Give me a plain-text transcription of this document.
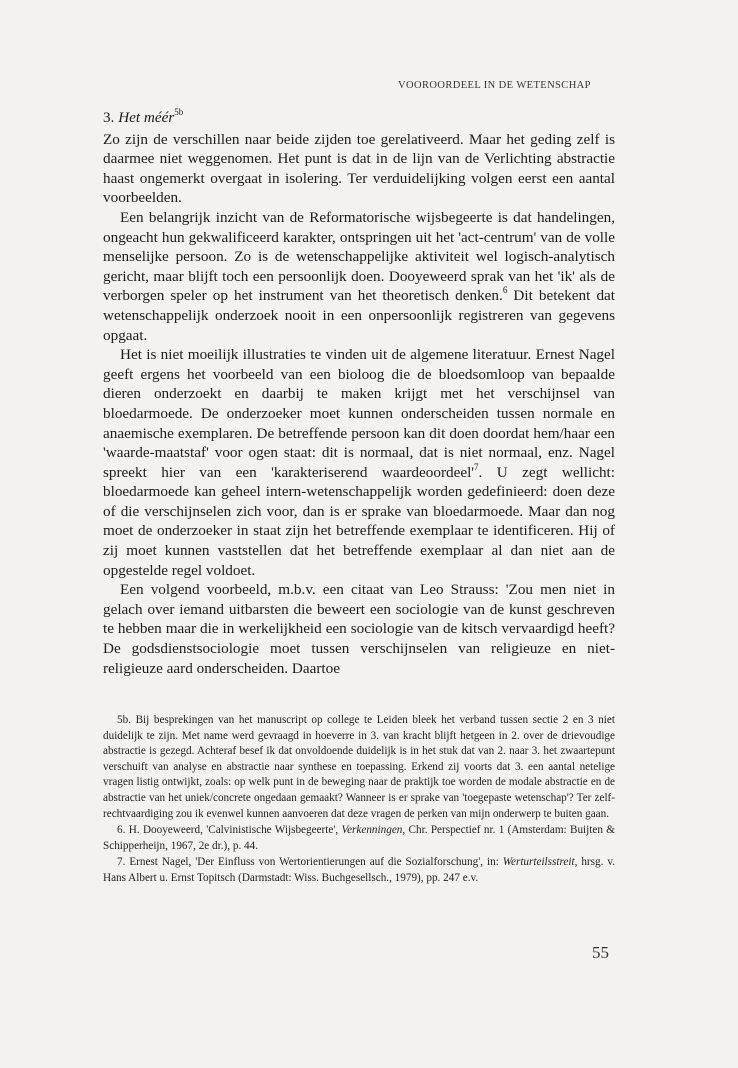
VOOROORDEEL IN DE WETENSCHAP
3. Het méér$^{5b}$

Zo zijn de verschillen naar beide zijden toe gerelativeerd. Maar het geding zelf is daarmee niet weggenomen. Het punt is dat in de lijn van de Verlichting abstractie haast ongemerkt overgaat in isolering. Ter verduidelijking volgen eerst een aantal voorbeelden.

Een belangrijk inzicht van de Reformatorische wijsbegeerte is dat handelingen, ongeacht hun gekwalificeerd karakter, ontspringen uit het 'act-centrum' van de volle menselijke persoon. Zo is de wetenschappelijke aktiviteit wel logisch-analytisch gericht, maar blijft toch een persoonlijk doen. Dooyeweerd sprak van het 'ik' als de verborgen speler op het instrument van het theoretisch denken.$^6$ Dit betekent dat wetenschappelijk onderzoek nooit in een onpersoonlijk registreren van gegevens opgaat.

Het is niet moeilijk illustraties te vinden uit de algemene literatuur. Ernest Nagel geeft ergens het voorbeeld van een bioloog die de bloedsomloop van bepaalde dieren onderzoekt en daarbij te maken krijgt met het verschijnsel van bloedarmoede. De onderzoeker moet kunnen onderscheiden tussen normale en anaemische exemplaren. De betreffende persoon kan dit doen doordat hem/haar een 'waarde-maatstaf' voor ogen staat: dit is normaal, dat is niet normaal, enz. Nagel spreekt hier van een 'karakteriserend $waardeoordeel'^7$. U zegt wellicht: bloedarmoede kan geheel intern-wetenschappelijk worden gedefinieerd: doen deze of die verschijnselen zich voor, dan is er sprake van bloedarmoede. Maar dan nog moet de onderzoeker in staat zijn het betreffende exemplaar te identificeren. Hij of zij moet kunnen vaststellen dat het betreffende exemplaar al dan niet aan de opgestelde regel voldoet.

Een volgend voorbeeld, m.b.v. een citaat van Leo Strauss: 'Zou men niet in gelach over iemand uitbarsten die beweert een sociologie van de kunst geschreven te hebben maar die in werkelijkheid een sociologie van de kitsch vervaardigd heeft? De godsdienstsociologie moet tussen verschijnselen van religieuze en niet-religieuze aard onderscheiden. Daartoe

5b. Bij besprekingen van het manuscript op college te Leiden bleek het verband tussen sectie 2 en 3 niet duidelijk te zijn. Met name werd gevraagd in hoeverre in 3. van kracht blijft hetgeen in 2. over de drievoudige abstractie is gezegd. Achteraf besef ik dat onvoldoende duidelijk is in het stuk dat van 2. naar 3. het zwaartepunt verschuift van analyse en abstractie naar synthese en toepassing. Erkend zij voorts dat 3. een aantal netelige vragen listig ontwijkt, zoals: op welk punt in de beweging naar de praktijk toe worden de modale abstractie en de abstractie van het uniek/concrete ongedaan gemaakt? Wanneer is er sprake van 'toegepaste wetenschap'? Ter zelf-rechtvaardiging zou ik evenwel kunnen aanvoeren dat deze vragen de perken van mijn onderwerp te buiten gaan.

6. H. Dooyeweerd, 'Calvinistische Wijsbegeerte', Verkenningen, Chr. Perspectief nr. 1 (Amsterdam: Buijten & Schipperheijn, 1967, 2e dr.), p. 44.

7. Ernest Nagel, 'Der Einfluss von Wertorientierungen auf die Sozialforschung', in: Werturteilsstreit, hrsg. v. Hans Albert u. Ernst Topitsch (Darmstadt: Wiss. Buchgesellsch., 1979), pp. 247 e.v.

55
